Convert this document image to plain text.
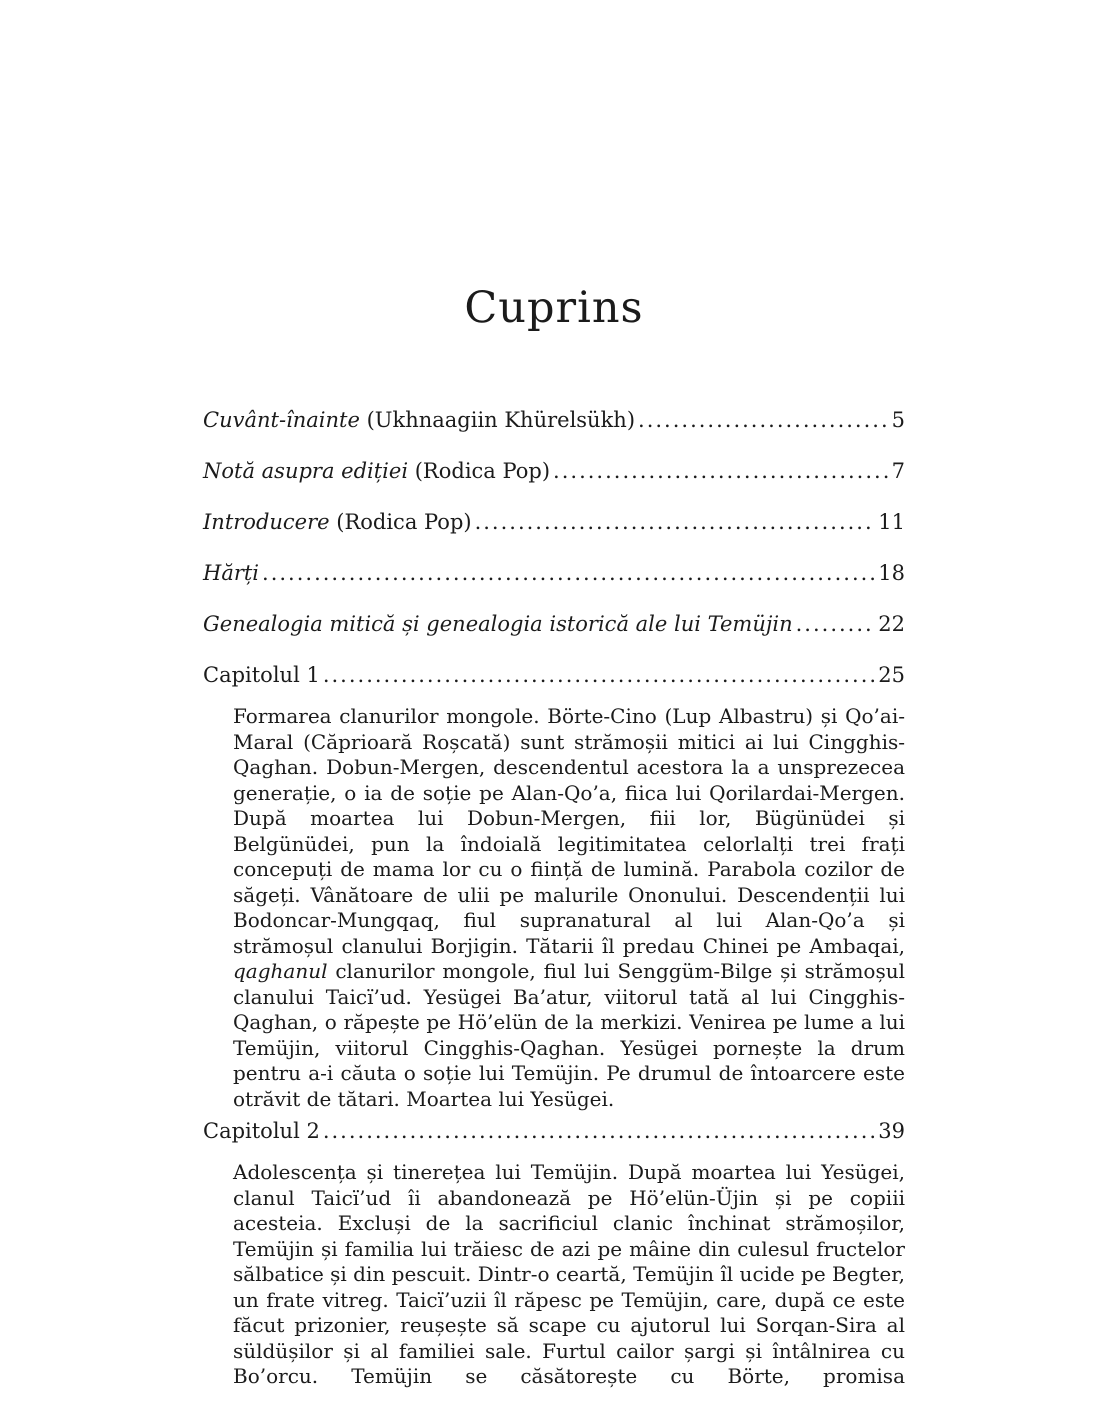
Cuprins
Cuvânt-înainte (Ukhnaagiin Khürelsükh) .....	5
Notă asupra ediției (Rodica Pop) .....	7
Introducere (Rodica Pop) .....	11
Hărți .....	18
Genealogia mitică și genealogia istorică ale lui Temüjin .....	22
Capitolul 1 .....	25

Formarea clanurilor mongole. Börte-Cino (Lup Albastru) și Qo’ai-Maral (Căprioară Roșcată) sunt strămoșii mitici ai lui Cingghis-Qaghan. Dobun-Mergen, descendentul acestora la a unsprezecea generație, o ia de soție pe Alan-Qo’a, fiica lui Qorilardai-Mergen. După moartea lui Dobun-Mergen, fiii lor, Bügünüdei și Belgünüdei, pun la îndoială legitimitatea celorlalți trei frați concepuți de mama lor cu o ființă de lumină. Parabola cozilor de săgeți. Vânătoare de ulii pe malurile Ononului. Descendenții lui Bodoncar-Mungqaq, fiul supranatural al lui Alan-Qo’a și strămoșul clanului Borjigin. Tătarii îl predau Chinei pe Ambaqai, qaghanul clanurilor mongole, fiul lui Senggüm-Bilge și strămoșul clanului Taicï’ud. Yesügei Ba’atur, viitorul tată al lui Cingghis-Qaghan, o răpește pe Hö’elün de la merkizi. Venirea pe lume a lui Temüjin, viitorul Cingghis-Qaghan. Yesügei pornește la drum pentru a-i căuta o soție lui Temüjin. Pe drumul de întoarcere este otrăvit de tătari. Moartea lui Yesügei.

Capitolul 2 .....	39

Adolescența și tinerețea lui Temüjin. După moartea lui Yesügei, clanul Taicï’ud îi abandonează pe Hö’elün-Üjin și pe copiii acesteia. Excluși de la sacrificiul clanic închinat strămoșilor, Temüjin și familia lui trăiesc de azi pe mâine din culesul fructelor sălbatice și din pescuit. Dintr-o ceartă, Temüjin îl ucide pe Begter, un frate vitreg. Taicï’uzii îl răpesc pe Temüjin, care, după ce este făcut prizonier, reușește să scape cu ajutorul lui Sorqan-Sira al süldüșilor și al familiei sale. Furtul cailor șargi și întâlnirea cu Bo’orcu. Temüjin se căsătorește cu Börte, promisa
